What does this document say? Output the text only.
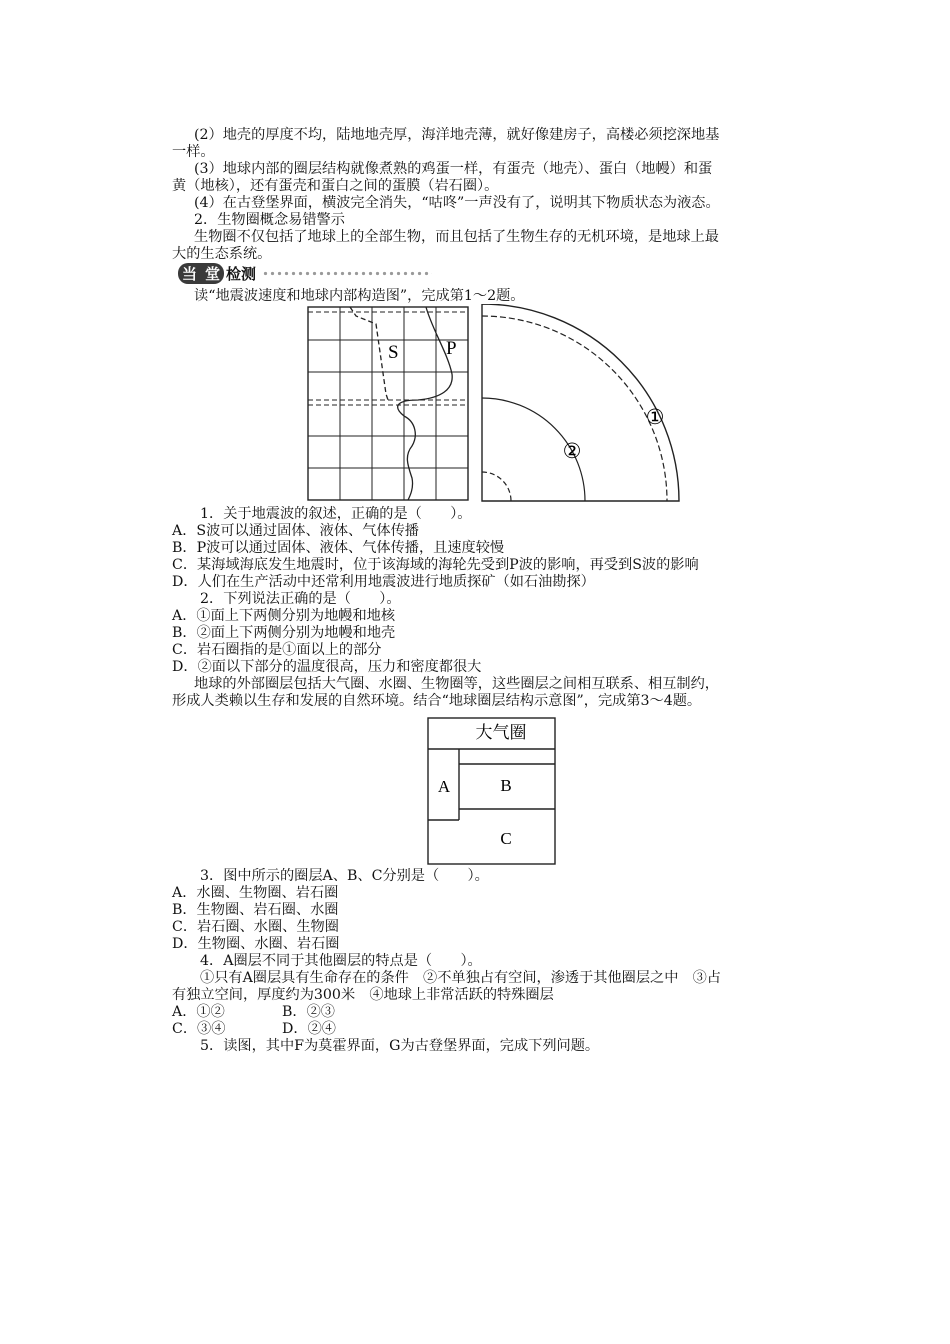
(2）地壳的厚度不均，陆地地壳厚，海洋地壳薄，就好像建房子，高楼必须挖深地基
一样。
(3）地球内部的圈层结构就像煮熟的鸡蛋一样，有蛋壳（地壳）、蛋白（地幔）和蛋
黄（地核），还有蛋壳和蛋白之间的蛋膜（岩石圈）。
(4）在古登堡界面，横波完全消失，“咕咚”一声没有了，说明其下物质状态为液态。
2．生物圈概念易错警示
生物圈不仅包括了地球上的全部生物，而且包括了生物生存的无机环境，是地球上最
大的生态系统。
当 堂 检测
读“地震波速度和地球内部构造图”，完成第1～2题。
S P
①
②
1．关于地震波的叙述，正确的是（　　）。
A．S波可以通过固体、液体、气体传播
B．P波可以通过固体、液体、气体传播，且速度较慢
C．某海域海底发生地震时，位于该海域的海轮先受到P波的影响，再受到S波的影响
D．人们在生产活动中还常利用地震波进行地质探矿（如石油勘探）
2．下列说法正确的是（　　）。
A．①面上下两侧分别为地幔和地核
B．②面上下两侧分别为地幔和地壳
C．岩石圈指的是①面以上的部分
D．②面以下部分的温度很高，压力和密度都很大
地球的外部圈层包括大气圈、水圈、生物圈等，这些圈层之间相互联系、相互制约，
形成人类赖以生存和发展的自然环境。结合“地球圈层结构示意图”，完成第3～4题。
大气圈
A	B
C
3．图中所示的圈层A、B、C分别是（　　）。
A．水圈、生物圈、岩石圈
B．生物圈、岩石圈、水圈
C．岩石圈、水圈、生物圈
D．生物圈、水圈、岩石圈
4．A圈层不同于其他圈层的特点是（　　）。
①只有A圈层具有生命存在的条件　②不单独占有空间，渗透于其他圈层之中　③占
有独立空间，厚度约为300米　④地球上非常活跃的特殊圈层
A．①②	B．②③
C．③④	D．②④
5．读图，其中F为莫霍界面，G为古登堡界面，完成下列问题。
